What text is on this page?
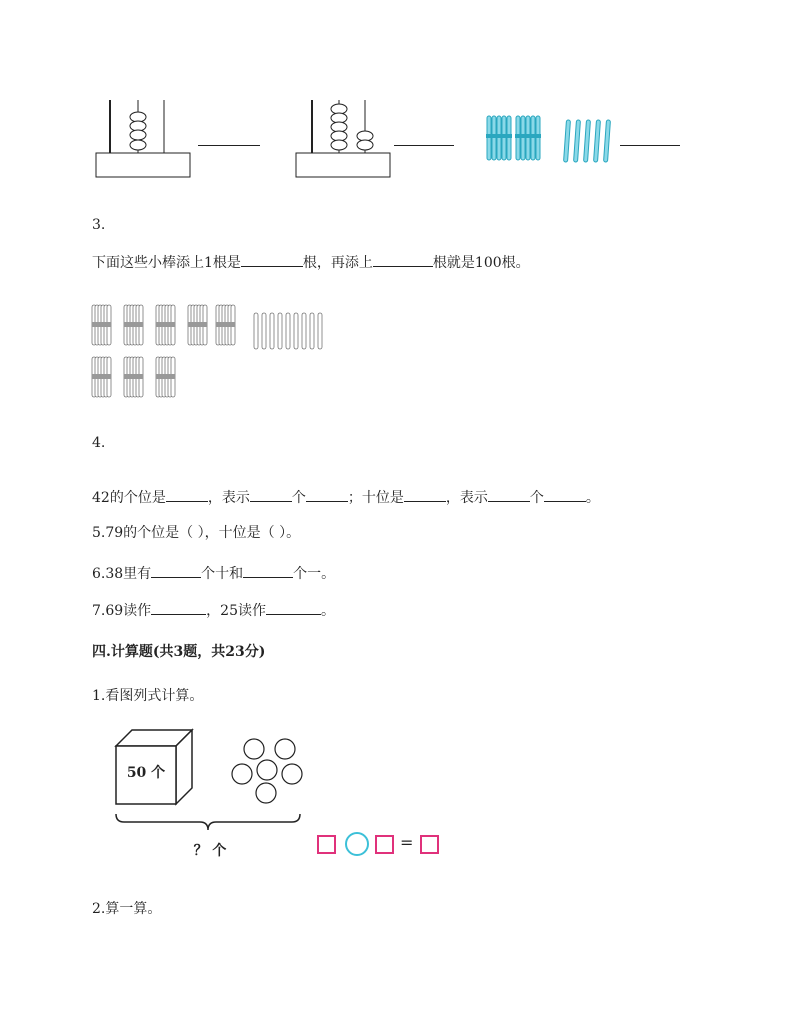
3.
下面这些小棒添上1根是	根，再添上	根就是100根。
4.
42的个位是	，表示	个	；十位是	，表示	个	。
5.79的个位是（ ），十位是（ ）。
6.38里有	个十和	个一。
7.69读作	，25读作	。
四.计算题(共3题，共23分)
1.看图列式计算。
50 个
？ 个	=
2.算一算。
